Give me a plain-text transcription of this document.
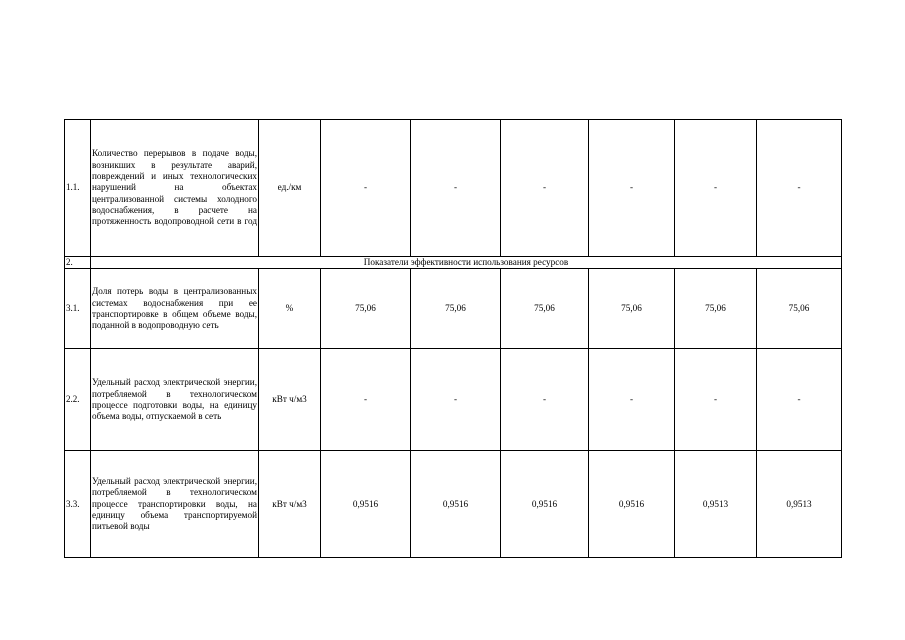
1.1.	Количество перерывов в подаче воды, возникших в результате аварий, повреждений и иных технологических нарушений на объектах централизованной системы холодного водоснабжения, в расчете на протяженность водопроводной сети в год	ед./км	-	-	-	-	-	-
2.	Показатели эффективности использования ресурсов							
3.1.	Доля потерь воды в централизованных системах водоснабжения при ее транспортировке в общем объеме воды, поданной в водопроводную сеть	%	75,06	75,06	75,06	75,06	75,06	75,06
2.2.	Удельный расход электрической энергии, потребляемой в технологическом процессе подготовки воды, на единицу объема воды, отпускаемой в сеть	кВт ч/м3	-	-	-	-	-	-
3.3.	Удельный расход электрической энергии, потребляемой в технологическом процессе транспортировки воды, на единицу объема транспортируемой питьевой воды	кВт ч/м3	0,9516	0,9516	0,9516	0,9516	0,9513	0,9513
